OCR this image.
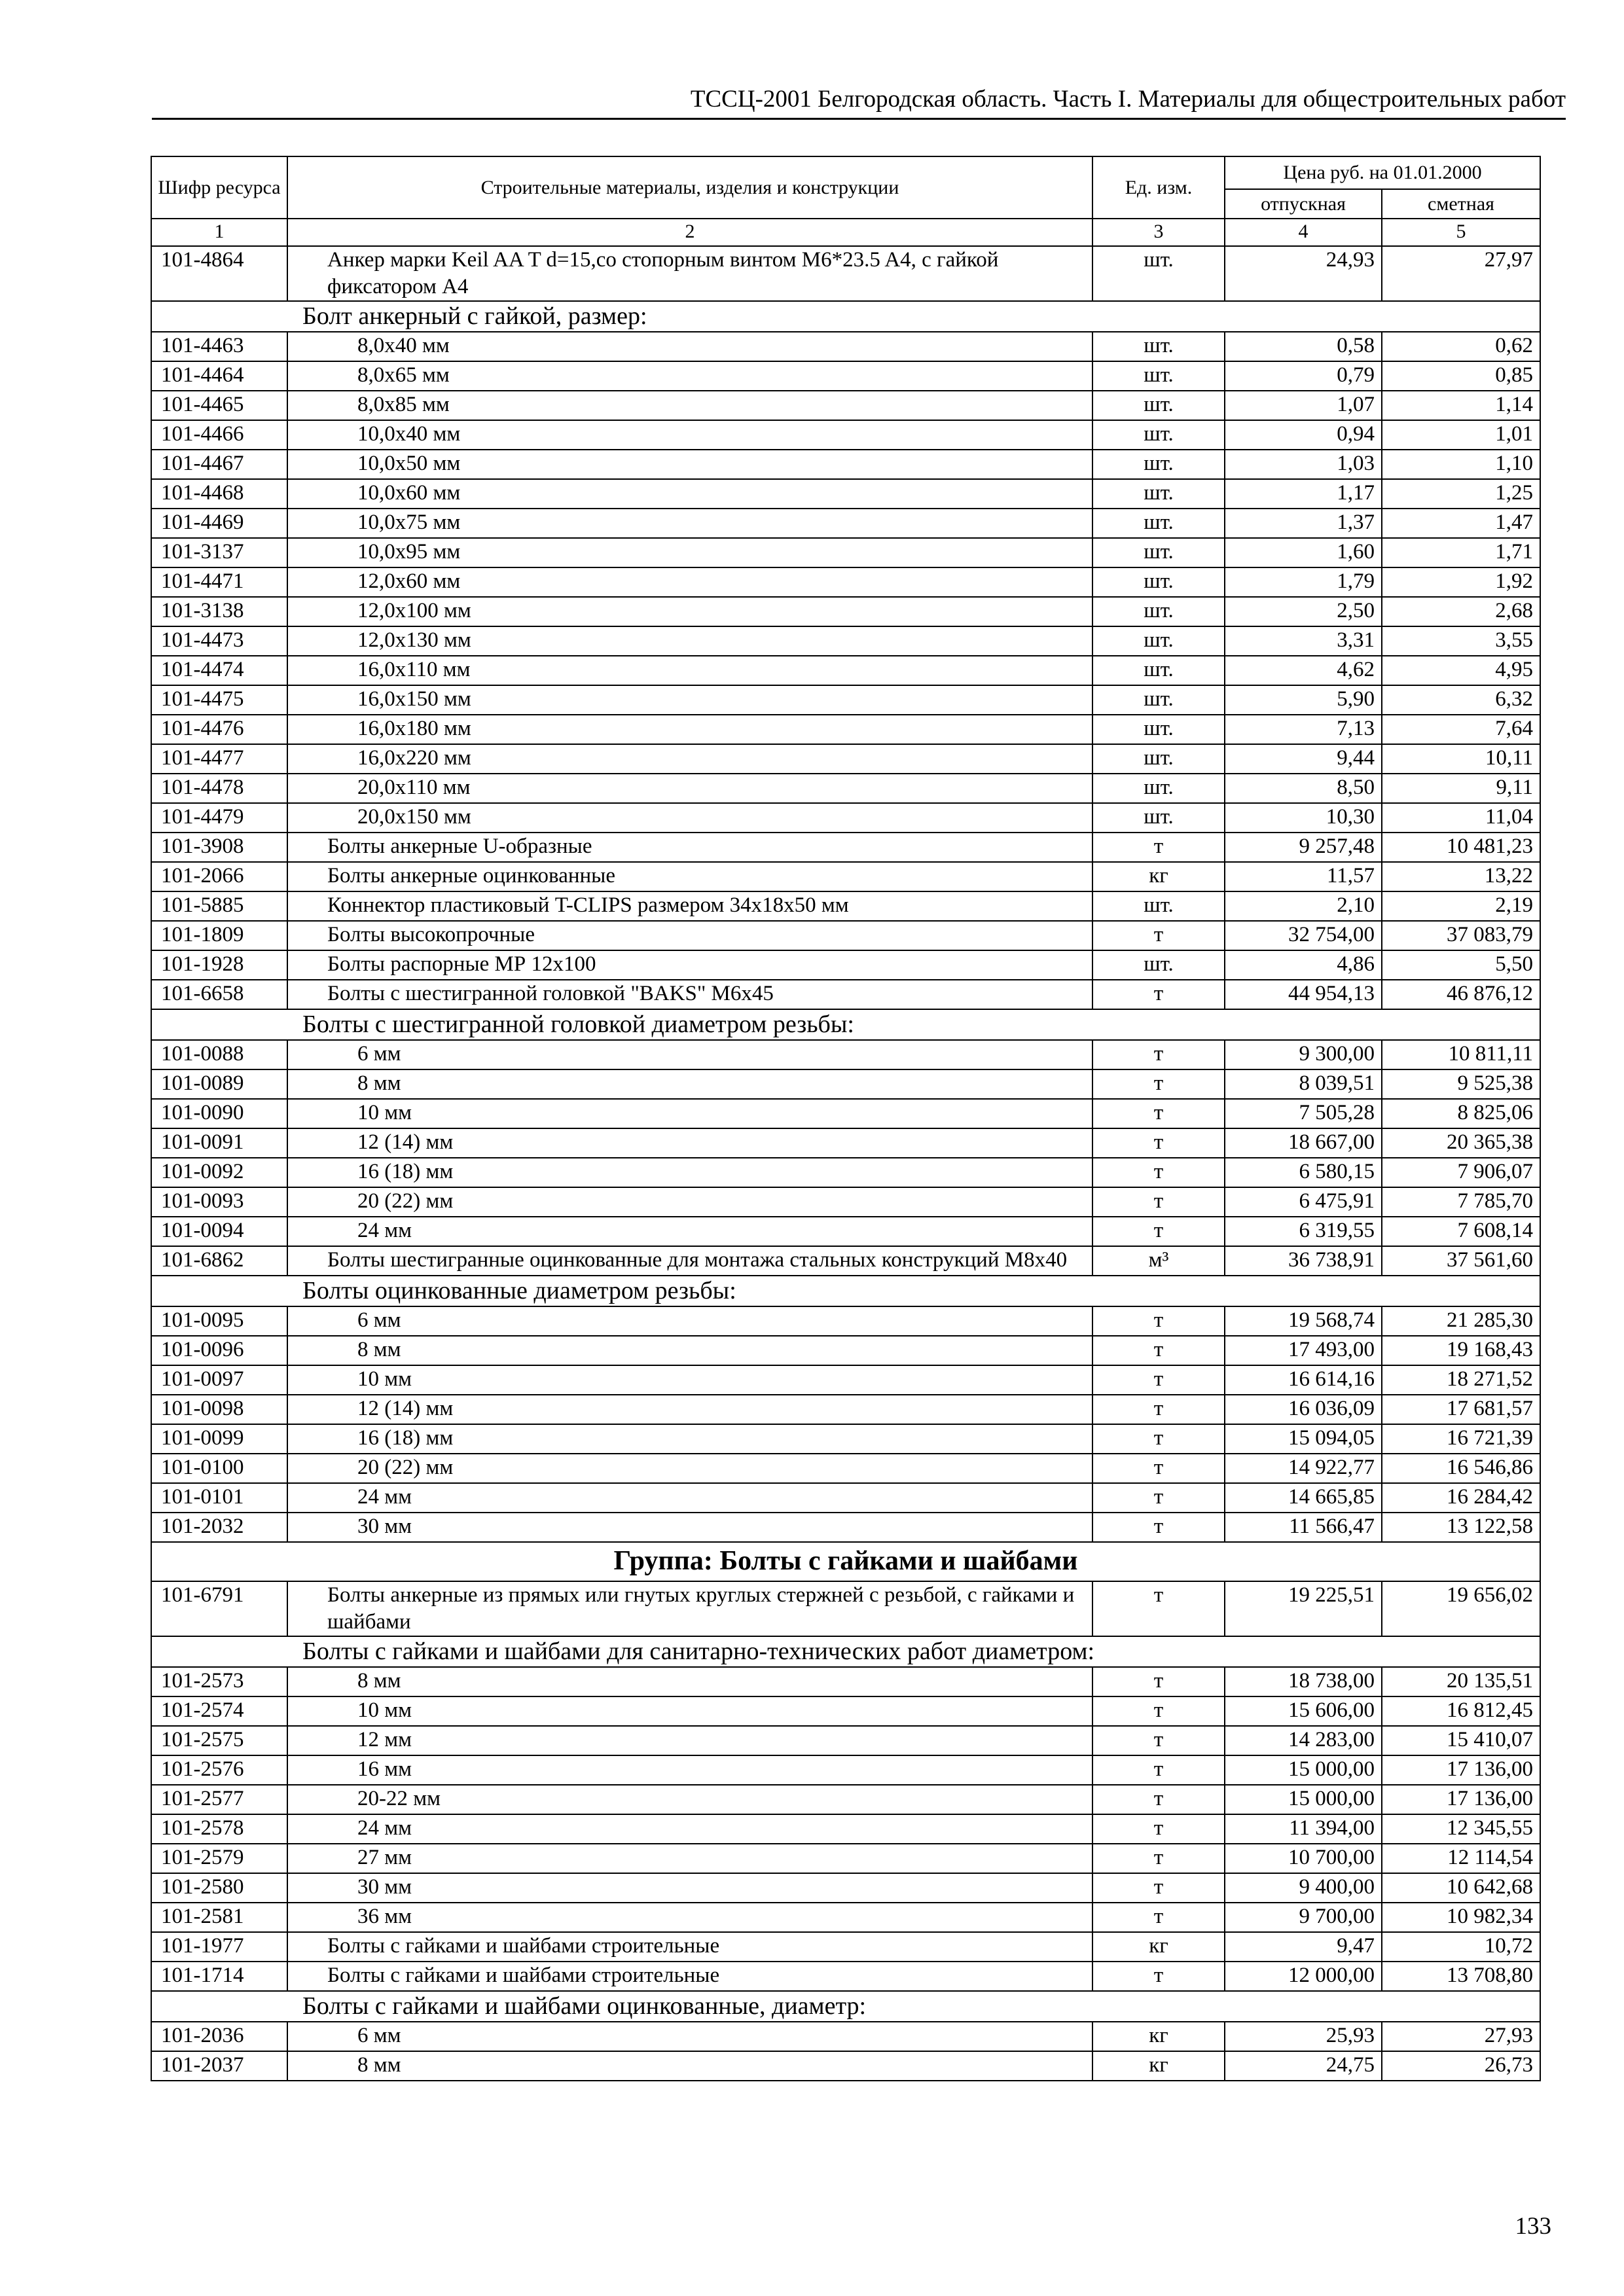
ТССЦ-2001 Белгородская область. Часть I. Материалы для общестроительных работ
Шифр ресурса	Строительные материалы, изделия и конструкции	Ед. изм.	Цена руб. на 01.01.2000	
			отпускная	сметная
1	2	3	4	5
101-4864	Анкер марки Keil AA T d=15,со стопорным винтом M6*23.5 A4, с гайкой фиксатором A4	шт.	24,93	27,97
Болт анкерный с гайкой, размер:				
101-4463	8,0х40 мм	шт.	0,58	0,62
101-4464	8,0х65 мм	шт.	0,79	0,85
101-4465	8,0х85 мм	шт.	1,07	1,14
101-4466	10,0х40 мм	шт.	0,94	1,01
101-4467	10,0х50 мм	шт.	1,03	1,10
101-4468	10,0х60 мм	шт.	1,17	1,25
101-4469	10,0х75 мм	шт.	1,37	1,47
101-3137	10,0х95 мм	шт.	1,60	1,71
101-4471	12,0х60 мм	шт.	1,79	1,92
101-3138	12,0х100 мм	шт.	2,50	2,68
101-4473	12,0х130 мм	шт.	3,31	3,55
101-4474	16,0х110 мм	шт.	4,62	4,95
101-4475	16,0х150 мм	шт.	5,90	6,32
101-4476	16,0х180 мм	шт.	7,13	7,64
101-4477	16,0х220 мм	шт.	9,44	10,11
101-4478	20,0х110 мм	шт.	8,50	9,11
101-4479	20,0х150 мм	шт.	10,30	11,04
101-3908	Болты анкерные U-образные	т	9 257,48	10 481,23
101-2066	Болты анкерные оцинкованные	кг	11,57	13,22
101-5885	Коннектор пластиковый T-CLIPS размером 34x18x50 мм	шт.	2,10	2,19
101-1809	Болты высокопрочные	т	32 754,00	37 083,79
101-1928	Болты распорные МР 12х100	шт.	4,86	5,50
101-6658	Болты с шестигранной головкой "BAKS" М6х45	т	44 954,13	46 876,12
Болты с шестигранной головкой диаметром резьбы:				
101-0088	6 мм	т	9 300,00	10 811,11
101-0089	8 мм	т	8 039,51	9 525,38
101-0090	10 мм	т	7 505,28	8 825,06
101-0091	12 (14) мм	т	18 667,00	20 365,38
101-0092	16 (18) мм	т	6 580,15	7 906,07
101-0093	20 (22) мм	т	6 475,91	7 785,70
101-0094	24 мм	т	6 319,55	7 608,14
101-6862	Болты шестигранные оцинкованные для монтажа стальных конструкций М8х40	м³	36 738,91	37 561,60
Болты оцинкованные диаметром резьбы:				
101-0095	6 мм	т	19 568,74	21 285,30
101-0096	8 мм	т	17 493,00	19 168,43
101-0097	10 мм	т	16 614,16	18 271,52
101-0098	12 (14) мм	т	16 036,09	17 681,57
101-0099	16 (18) мм	т	15 094,05	16 721,39
101-0100	20 (22) мм	т	14 922,77	16 546,86
101-0101	24 мм	т	14 665,85	16 284,42
101-2032	30 мм	т	11 566,47	13 122,58
Группа: Болты с гайками и шайбами				
101-6791	Болты анкерные из прямых или гнутых круглых стержней с резьбой, с гайками и шайбами	т	19 225,51	19 656,02
Болты с гайками и шайбами для санитарно-технических работ диаметром:				
101-2573	8 мм	т	18 738,00	20 135,51
101-2574	10 мм	т	15 606,00	16 812,45
101-2575	12 мм	т	14 283,00	15 410,07
101-2576	16 мм	т	15 000,00	17 136,00
101-2577	20-22 мм	т	15 000,00	17 136,00
101-2578	24 мм	т	11 394,00	12 345,55
101-2579	27 мм	т	10 700,00	12 114,54
101-2580	30 мм	т	9 400,00	10 642,68
101-2581	36 мм	т	9 700,00	10 982,34
101-1977	Болты с гайками и шайбами строительные	кг	9,47	10,72
101-1714	Болты с гайками и шайбами строительные	т	12 000,00	13 708,80
Болты с гайками и шайбами оцинкованные, диаметр:				
101-2036	6 мм	кг	25,93	27,93
101-2037	8 мм	кг	24,75	26,73
133
